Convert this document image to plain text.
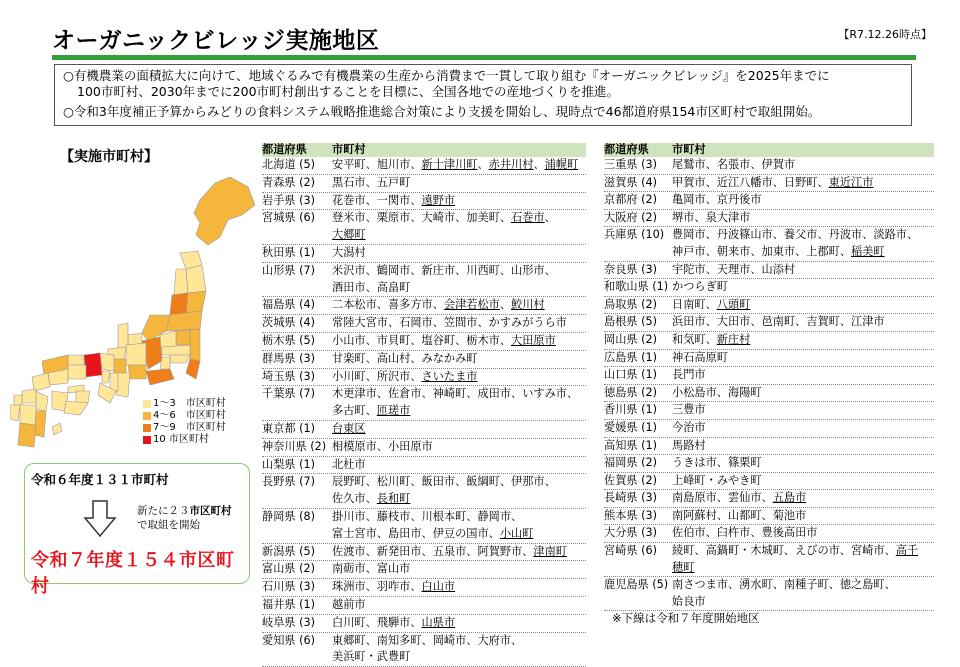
オーガニックビレッジ実施地区	【R7.12.26時点】

○有機農業の面積拡大に向けて、地域ぐるみで有機農業の生産から消費まで一貫して取り組む『オーガニックビレッジ』を2025年までに

100市町村、2030年までに200市町村創出することを目標に、全国各地での産地づくりを推進。

○令和3年度補正予算からみどりの食料システム戦略推進総合対策により支援を開始し、現時点で46都道府県154市区町村で取組開始。

【実施市町村】
1～3　市区町村
4～6　市区町村
7～9　市区町村
10 市区町村
令和６年度１３１市町村
新たに２３市区町村
で取組を開始
令和７年度１５４市区町村
都道府県	市町村
北海道 (5)	安平町、旭川市、新十津川町、赤井川村、浦幌町
青森県 (2)	黒石市、五戸町
岩手県 (3)	花巻市、一関市、遠野市
宮城県 (6)	登米市、栗原市、大崎市、加美町、石巻市、
大郷町
秋田県 (1)	大潟村
山形県 (7)	米沢市、鶴岡市、新庄市、川西町、山形市、
酒田市、高畠町
福島県 (4)	二本松市、喜多方市、会津若松市、鮫川村
茨城県 (4)	常陸大宮市、石岡市、笠間市、かすみがうら市
栃木県 (5)	小山市、市貝町、塩谷町、栃木市、大田原市
群馬県 (3)	甘楽町、高山村、みなかみ町
埼玉県 (3)	小川町、所沢市、さいたま市
千葉県 (7)	木更津市、佐倉市、神崎町、成田市、いすみ市、
多古町、匝瑳市
東京都 (1)	台東区
神奈川県 (2) 相模原市、小田原市
山梨県 (1)	北杜市
長野県 (7)	辰野町、松川町、飯田市、飯綱町、伊那市、
佐久市、長和町
静岡県 (8)	掛川市、藤枝市、川根本町、静岡市、
富士宮市、島田市、伊豆の国市、小山町
新潟県 (5)	佐渡市、新発田市、五泉市、阿賀野市、津南町
富山県 (2)	南砺市、富山市
石川県 (3)	珠洲市、羽咋市、白山市
福井県 (1)	越前市
岐阜県 (3)	白川町、飛騨市、山県市
愛知県 (6)	東郷町、南知多町、岡崎市、大府市、
美浜町・武豊町
都道府県	市町村
三重県 (3)	尾鷲市、名張市、伊賀市
滋賀県 (4)	甲賀市、近江八幡市、日野町、東近江市
京都府 (2)	亀岡市、京丹後市
大阪府 (2)	堺市、泉大津市
兵庫県 (10) 豊岡市、丹波篠山市、養父市、丹波市、淡路市、
神戸市、朝来市、加東市、上郡町、稲美町
奈良県 (3)	宇陀市、天理市、山添村
和歌山県 (1) かつらぎ町
鳥取県 (2)	日南町、八頭町
島根県 (5)	浜田市、大田市、邑南町、吉賀町、江津市
岡山県 (2)	和気町、新庄村
広島県 (1)	神石高原町
山口県 (1)	長門市
徳島県 (2)	小松島市、海陽町
香川県 (1)	三豊市
愛媛県 (1)	今治市
高知県 (1)	馬路村
福岡県 (2)	うきは市、篠栗町
佐賀県 (2)	上峰町・みやき町
長崎県 (3)	南島原市、雲仙市、五島市
熊本県 (3)	南阿蘇村、山都町、菊池市
大分県 (3)	佐伯市、臼杵市、豊後高田市
宮崎県 (6)	綾町、高鍋町・木城町、えびの市、宮崎市、高千
穂町
鹿児島県 (5) 南さつま市、湧水町、南種子町、徳之島町、
姶良市
※下線は令和７年度開始地区
